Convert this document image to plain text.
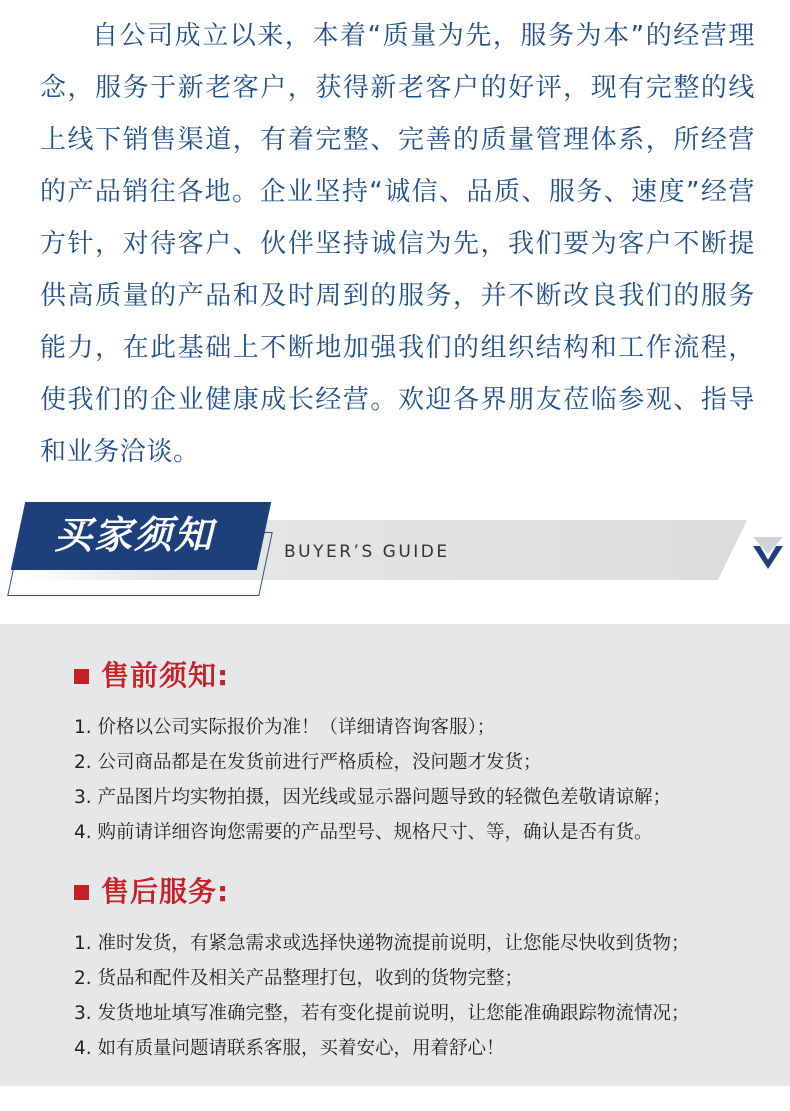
自公司成立以来，本着“质量为先，服务为本”的经营理念，服务于新老客户，获得新老客户的好评，现有完整的线上线下销售渠道，有着完整、完善的质量管理体系，所经营的产品销往各地。企业坚持“诚信、品质、服务、速度”经营方针，对待客户、伙伴坚持诚信为先，我们要为客户不断提供高质量的产品和及时周到的服务，并不断改良我们的服务能力，在此基础上不断地加强我们的组织结构和工作流程，使我们的企业健康成长经营。欢迎各界朋友莅临参观、指导和业务洽谈。

买家须知	BUYER’S GUIDE

售前须知:
1. 价格以公司实际报价为准！（详细请咨询客服）；
2. 公司商品都是在发货前进行严格质检，没问题才发货；
3. 产品图片均实物拍摄，因光线或显示器问题导致的轻微色差敬请谅解；
4. 购前请详细咨询您需要的产品型号、规格尺寸、等，确认是否有货。
售后服务:
1. 准时发货，有紧急需求或选择快递物流提前说明，让您能尽快收到货物；
2. 货品和配件及相关产品整理打包，收到的货物完整；
3. 发货地址填写准确完整，若有变化提前说明，让您能准确跟踪物流情况；
4. 如有质量问题请联系客服，买着安心，用着舒心！
